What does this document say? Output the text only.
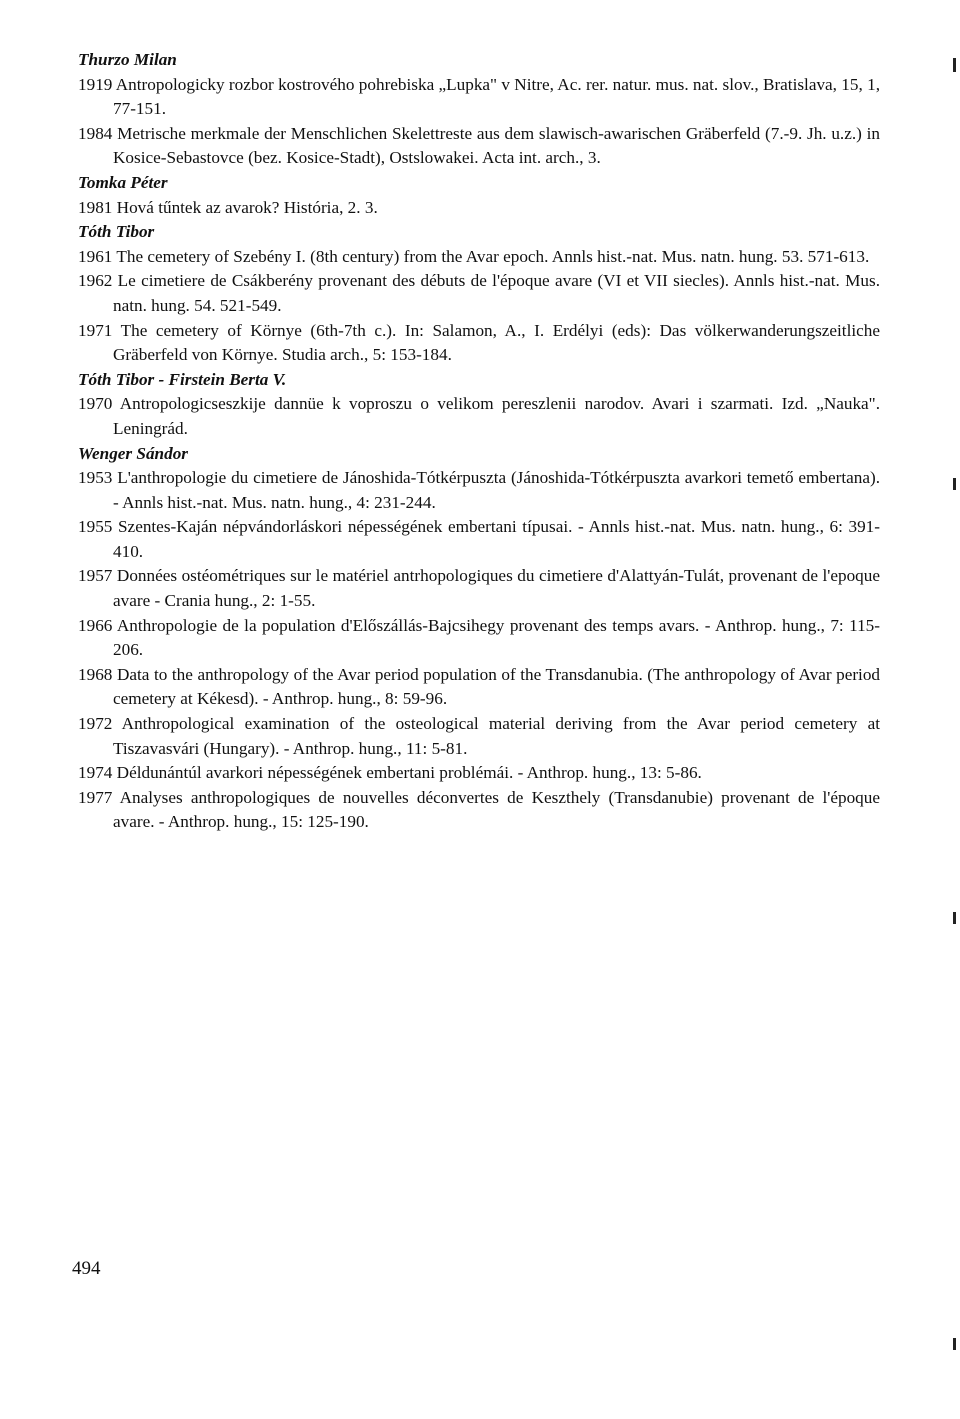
Thurzo Milan

1919 Antropologicky rozbor kostrového pohrebiska „Lupka" v Nitre, Ac. rer. natur. mus. nat. slov., Bratislava, 15, 1, 77-151.

1984 Metrische merkmale der Menschlichen Skelettreste aus dem slawisch-awarischen Gräberfeld (7.-9. Jh. u.z.) in Kosice-Sebastovce (bez. Kosice-Stadt), Ostslowakei. Acta int. arch., 3.

Tomka Péter

1981 Hová tűntek az avarok? História, 2. 3.

Tóth Tibor

1961 The cemetery of Szebény I. (8th century) from the Avar epoch. Annls hist.-nat. Mus. natn. hung. 53. 571-613.

1962 Le cimetiere de Csákberény provenant des débuts de l'époque avare (VI et VII siecles). Annls hist.-nat. Mus. natn. hung. 54. 521-549.

1971 The cemetery of Környe (6th-7th c.). In: Salamon, A., I. Erdélyi (eds): Das völkerwanderungszeitliche Gräberfeld von Környe. Studia arch., 5: 153-184.

Tóth Tibor - Firstein Berta V.

1970 Antropologicseszkije dannüe k voproszu o velikom pereszlenii narodov. Avari i szarmati. Izd. „Nauka". Leningrád.

Wenger Sándor

1953 L'anthropologie du cimetiere de Jánoshida-Tótkérpuszta (Jánoshida-Tótkérpuszta avarkori temető embertana). - Annls hist.-nat. Mus. natn. hung., 4: 231-244.

1955 Szentes-Kaján népvándorláskori népességének embertani típusai. - Annls hist.-nat. Mus. natn. hung., 6: 391-410.

1957 Données ostéométriques sur le matériel antrhopologiques du cimetiere d'Alattyán-Tulát, provenant de l'epoque avare - Crania hung., 2: 1-55.

1966 Anthropologie de la population d'Előszállás-Bajcsihegy provenant des temps avars. - Anthrop. hung., 7: 115-206.

1968 Data to the anthropology of the Avar period population of the Transdanubia. (The anthropology of Avar period cemetery at Kékesd). - Anthrop. hung., 8: 59-96.

1972 Anthropological examination of the osteological material deriving from the Avar period cemetery at Tiszavasvári (Hungary). - Anthrop. hung., 11: 5-81.

1974 Déldunántúl avarkori népességének embertani problémái. - Anthrop. hung., 13: 5-86.

1977 Analyses anthropologiques de nouvelles déconvertes de Keszthely (Transdanubie) provenant de l'époque avare. - Anthrop. hung., 15: 125-190.

494
